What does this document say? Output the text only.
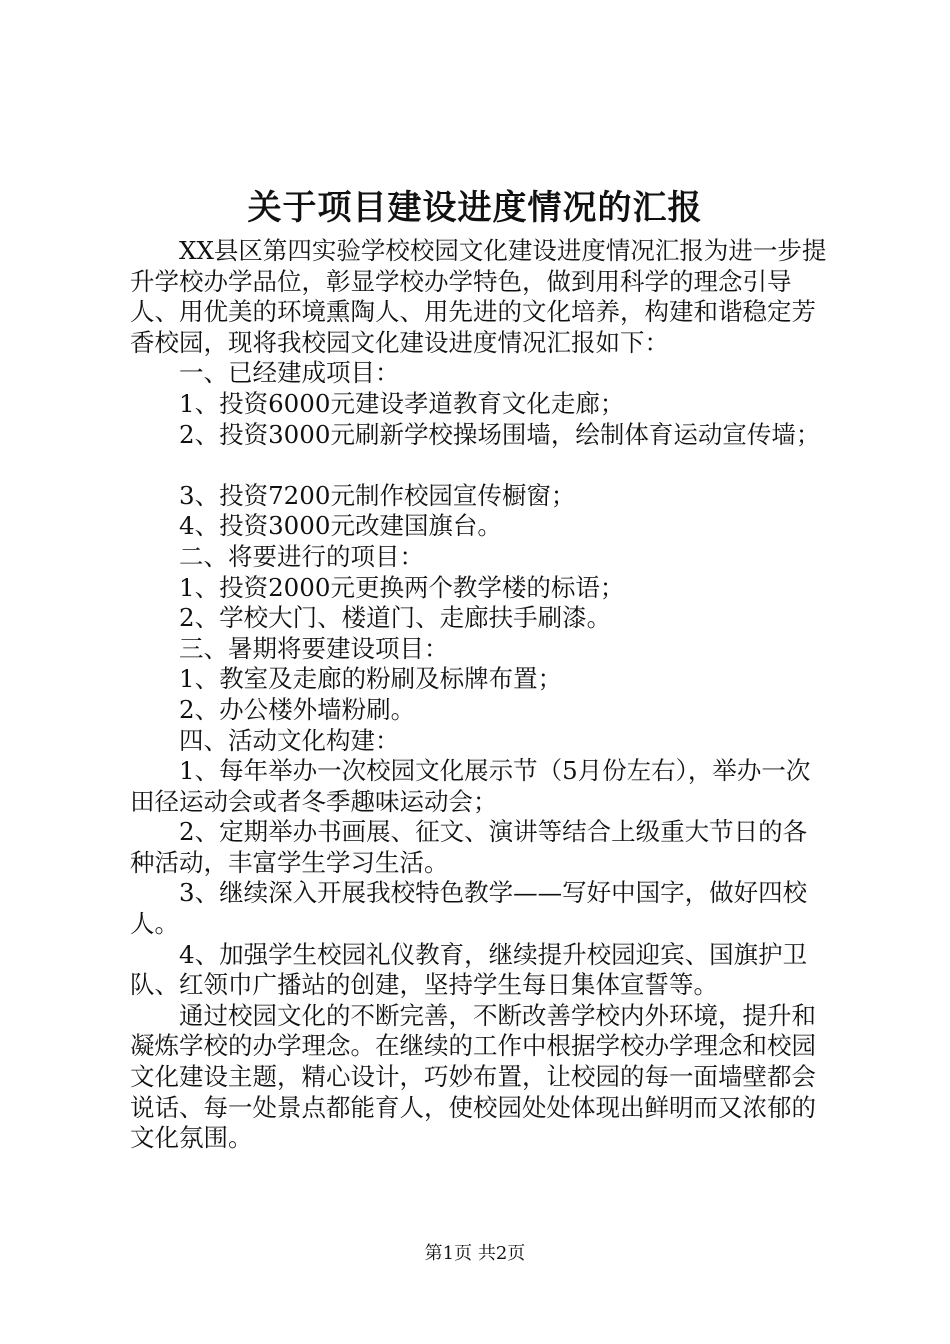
关于项目建设进度情况的汇报

XX县区第四实验学校校园文化建设进度情况汇报为进一步提升学校办学品位，彰显学校办学特色，做到用科学的理念引导人、用优美的环境熏陶人、用先进的文化培养，构建和谐稳定芳香校园，现将我校园文化建设进度情况汇报如下：

一、已经建成项目：

1、投资6000元建设孝道教育文化走廊；

2、投资3000元刷新学校操场围墙，绘制体育运动宣传墙；

3、投资7200元制作校园宣传橱窗；

4、投资3000元改建国旗台。

二、将要进行的项目：

1、投资2000元更换两个教学楼的标语；

2、学校大门、楼道门、走廊扶手刷漆。

三、暑期将要建设项目：

1、教室及走廊的粉刷及标牌布置；

2、办公楼外墙粉刷。

四、活动文化构建：

1、每年举办一次校园文化展示节（5月份左右），举办一次田径运动会或者冬季趣味运动会；

2、定期举办书画展、征文、演讲等结合上级重大节日的各种活动，丰富学生学习生活。

3、继续深入开展我校特色教学——写好中国字，做好四校人。

4、加强学生校园礼仪教育，继续提升校园迎宾、国旗护卫队、红领巾广播站的创建，坚持学生每日集体宣誓等。

通过校园文化的不断完善，不断改善学校内外环境，提升和凝炼学校的办学理念。在继续的工作中根据学校办学理念和校园文化建设主题，精心设计，巧妙布置，让校园的每一面墙壁都会说话、每一处景点都能育人，使校园处处体现出鲜明而又浓郁的文化氛围。

第1页 共2页
